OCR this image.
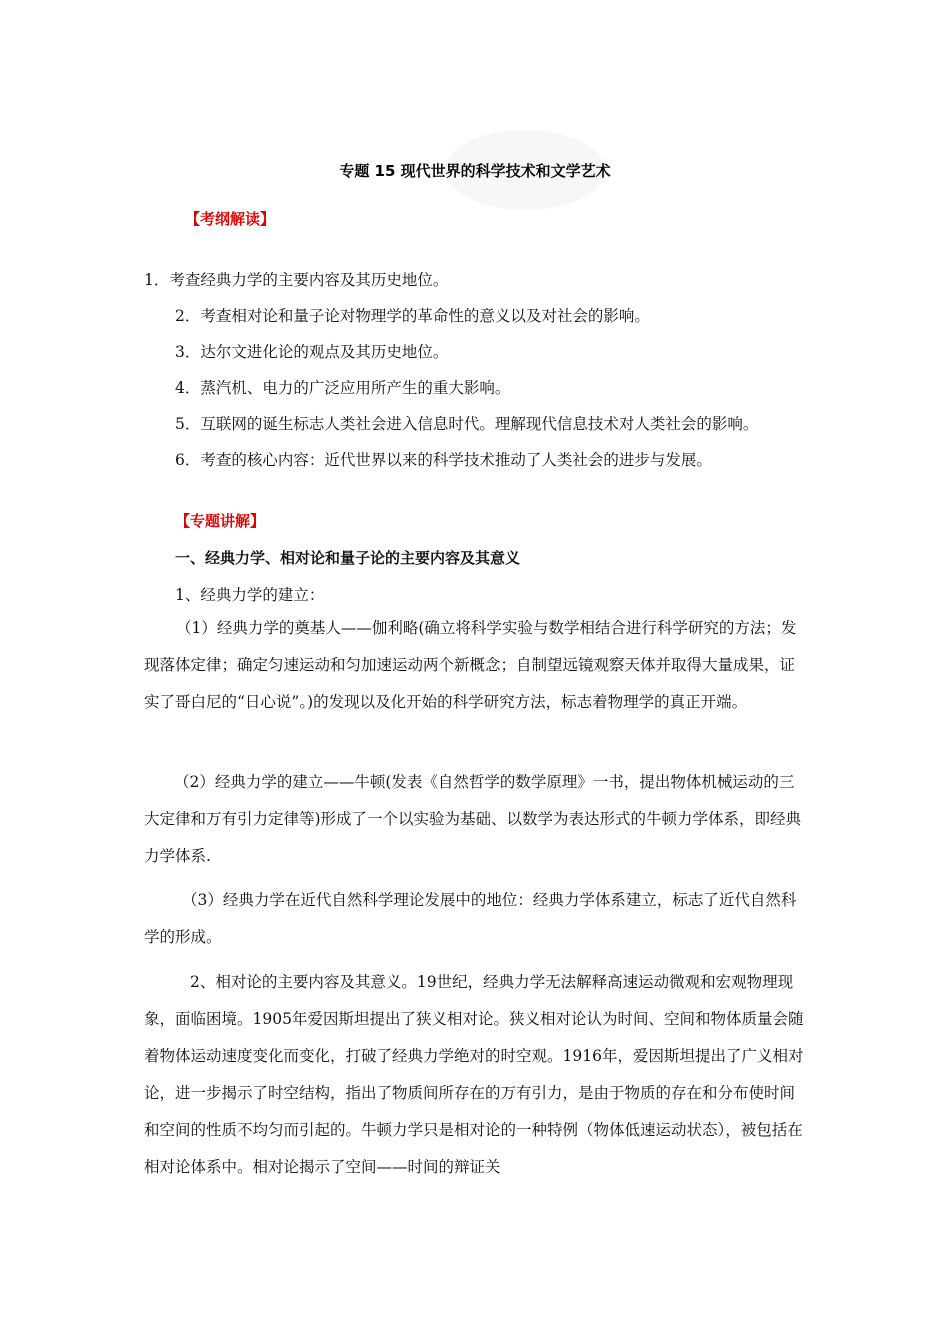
专题 15 现代世界的科学技术和文学艺术
【考纲解读】
1．考查经典力学的主要内容及其历史地位。
2．考查相对论和量子论对物理学的革命性的意义以及对社会的影响。
3．达尔文进化论的观点及其历史地位。
4．蒸汽机、电力的广泛应用所产生的重大影响。
5．互联网的诞生标志人类社会进入信息时代。理解现代信息技术对人类社会的影响。
6．考查的核心内容：近代世界以来的科学技术推动了人类社会的进步与发展。
【专题讲解】
一、经典力学、相对论和量子论的主要内容及其意义
1、经典力学的建立：

（1）经典力学的奠基人——伽利略(确立将科学实验与数学相结合进行科学研究的方法；发现落体定律；确定匀速运动和匀加速运动两个新概念；自制望远镜观察天体并取得大量成果，证实了哥白尼的“日心说”。)的发现以及化开始的科学研究方法，标志着物理学的真正开端。

（2）经典力学的建立——牛顿(发表《自然哲学的数学原理》一书，提出物体机械运动的三大定律和万有引力定律等)形成了一个以实验为基础、以数学为表达形式的牛顿力学体系，即经典力学体系.

（3）经典力学在近代自然科学理论发展中的地位：经典力学体系建立，标志了近代自然科学的形成。

2、相对论的主要内容及其意义。19世纪，经典力学无法解释高速运动微观和宏观物理现象，面临困境。1905年爱因斯坦提出了狭义相对论。狭义相对论认为时间、空间和物体质量会随着物体运动速度变化而变化，打破了经典力学绝对的时空观。1916年，爱因斯坦提出了广义相对论，进一步揭示了时空结构，指出了物质间所存在的万有引力，是由于物质的存在和分布使时间和空间的性质不均匀而引起的。牛顿力学只是相对论的一种特例（物体低速运动状态），被包括在相对论体系中。相对论揭示了空间——时间的辩证关
